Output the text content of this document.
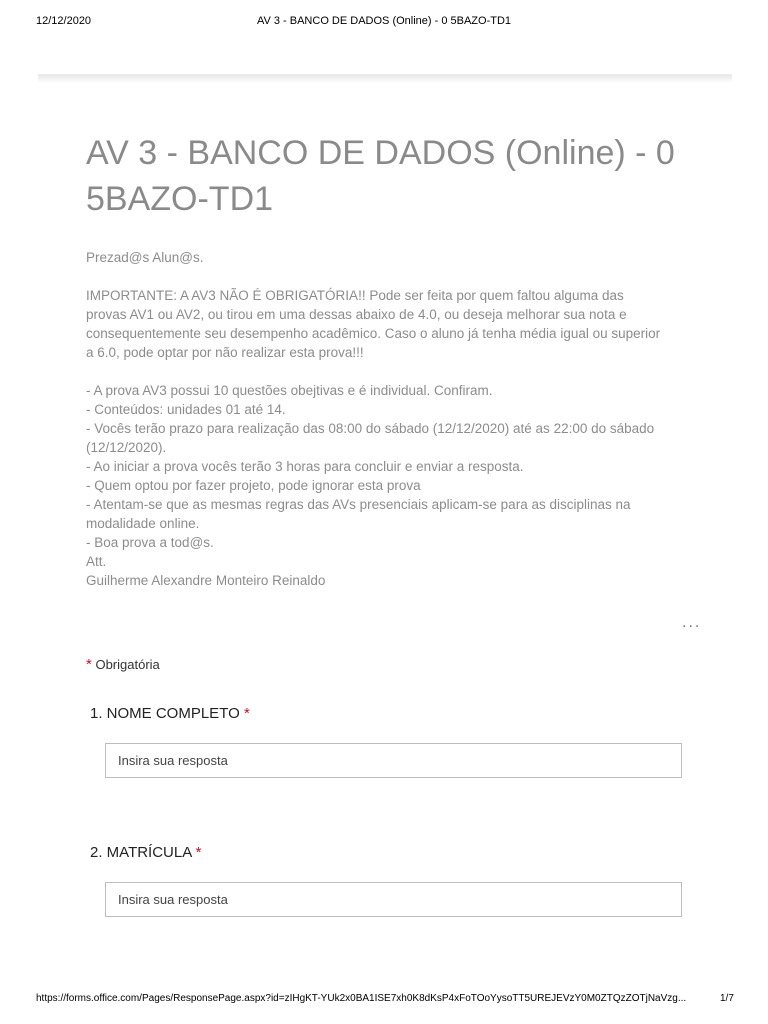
12/12/2020	AV 3 - BANCO DE DADOS (Online) - 0 5BAZO-TD1
AV 3 - BANCO DE DADOS (Online) - 0 5BAZO-TD1

Prezad@s Alun@s.

IMPORTANTE: A AV3 NÃO É OBRIGATÓRIA!! Pode ser feita por quem faltou alguma das provas AV1 ou AV2, ou tirou em uma dessas abaixo de 4.0, ou deseja melhorar sua nota e consequentemente seu desempenho acadêmico. Caso o aluno já tenha média igual ou superior a 6.0, pode optar por não realizar esta prova!!!

- A prova AV3 possui 10 questões obejtivas e é individual. Confiram.

- Conteúdos: unidades 01 até 14.

- Vocês terão prazo para realização das 08:00 do sábado (12/12/2020) até as 22:00 do sábado (12/12/2020).

- Ao iniciar a prova vocês terão 3 horas para concluir e enviar a resposta.

- Quem optou por fazer projeto, pode ignorar esta prova

- Atentam-se que as mesmas regras das AVs presenciais aplicam-se para as disciplinas na modalidade online.

- Boa prova a tod@s.

Att.

Guilherme Alexandre Monteiro Reinaldo

...
* Obrigatória
1. NOME COMPLETO *
Insira sua resposta
2. MATRÍCULA *
Insira sua resposta
https://forms.office.com/Pages/ResponsePage.aspx?id=zIHgKT-YUk2x0BA1ISE7xh0K8dKsP4xFoTOoYysoTT5UREJEVzY0M0ZTQzZOTjNaVzg...	1/7
